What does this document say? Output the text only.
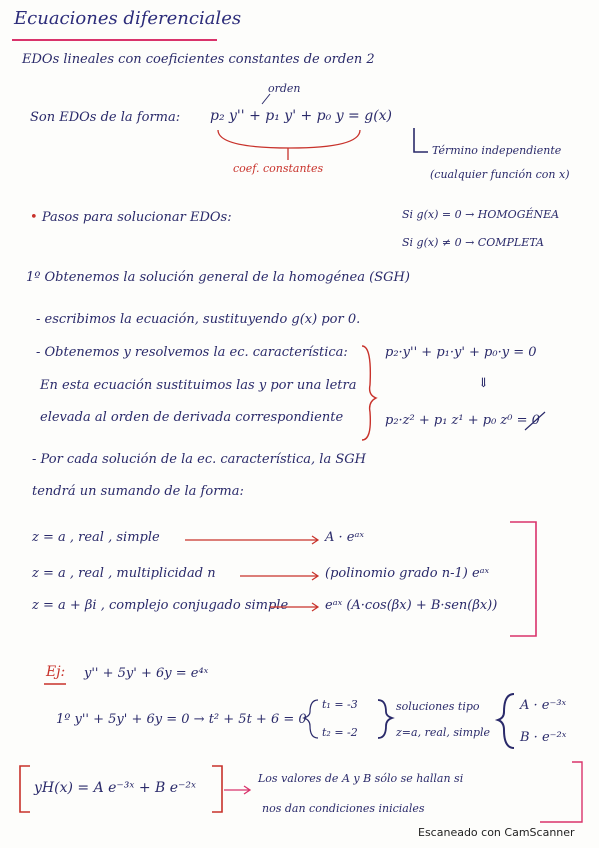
Ecuaciones diferenciales
EDOs lineales con coeficientes constantes de orden 2
Son EDOs de la forma: p₂ y'' + p₁ y' + p₀ y = g(x)
orden
coef. constantes
Término independiente
(cualquier función con x)
Si g(x) = 0 → HOMOGÉNEA
Si g(x) ≠ 0 → COMPLETA
• Pasos para solucionar EDOs:
1º Obtenemos la solución general de la homogénea (SGH)
- escribimos la ecuación, sustituyendo g(x) por 0.
- Obtenemos y resolvemos la ec. característica:
En esta ecuación sustituimos las y por una letra
elevada al orden de derivada correspondiente
p₂·y'' + p₁·y' + p₀·y = 0
⇓
p₂·z² + p₁ z¹ + p₀ z⁰ = 0
- Por cada solución de la ec. característica, la SGH
tendrá un sumando de la forma:
z = a , real , simple	A · eᵃˣ
z = a , real , multiplicidad n	(polinomio grado n-1) eᵃˣ
z = a + βi , complejo conjugado simple	eᵃˣ (A·cos(βx) + B·sen(βx))
Ej: y'' + 5y' + 6y = e⁴ˣ
1º y'' + 5y' + 6y = 0 → t² + 5t + 6 = 0
t₁ = -3
t₂ = -2
soluciones tipo
z=a, real, simple
A · e⁻³ˣ
B · e⁻²ˣ
yH(x) = A e⁻³ˣ + B e⁻²ˣ
Los valores de A y B sólo se hallan si
nos dan condiciones iniciales
Escaneado con CamScanner
